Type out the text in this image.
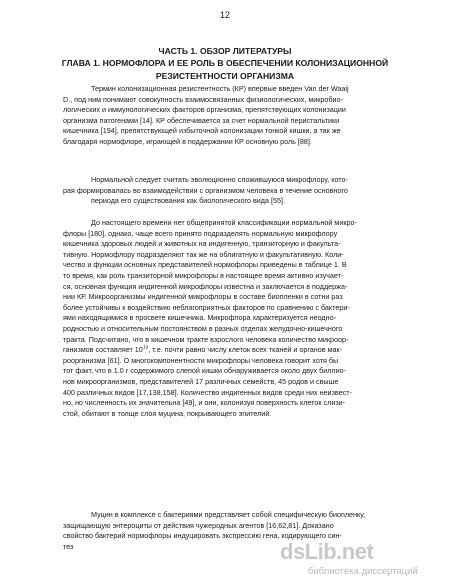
12
ЧАСТЬ 1. ОБЗОР ЛИТЕРАТУРЫ
ГЛАВА 1. НОРМОФЛОРА И ЕЕ РОЛЬ В ОБЕСПЕЧЕНИИ КОЛОНИЗАЦИОННОЙ
РЕЗИСТЕНТНОСТИ ОРГАНИЗМА
Термин колонизационная резистентность (КР) впервые введен Van der Waaij
D., под ним понимают совокупность взаимосвязанных физиологических, микробио-
логических и иммунологических факторов организма, препятствующих колонизации
организма патогенами [14]. КР обеспечивается за счет нормальной перистальтики
кишечника [194], препятствующей избыточной колонизации тонкой кишки, а так же
благодаря нормофлоре, играющей в поддержании КР основную роль [88].
Нормальной следует считать эволюционно сложившуюся микрофлору, кото-
рая формировалась во взаимодействии с организмом человека в течение основного
периода его существования как биологического вида [55].
До настоящего времени нет общепринятой классификации нормальной микро-
флоры [180], однако, чаще всего принято подразделять нормальную микрофлору
кишечника здоровых людей и животных на индигенную, транзиторную и факульта-
тивную. Нормофлору подразделяют так же на облигатную и факультативную. Коли-
чество и функции основных представителей нормофлоры приведены в таблице 1. В
то время, как роль транзиторной микрофлоры в настоящее время активно изучает-
ся, основная функция индигенной микрофлоры известна и заключается в поддержа-
нии КР. Микроорганизмы индигенной микрофлоры в составе биопленки в сотни раз
более устойчивы к воздействию неблагоприятных факторов по сравнению с бактери-
ями находящимися в просвете кишечника. Микрофлора характеризуется неодно-
родностью и относительным постоянством в разных отделах желудочно-кишечного
тракта. Подсчитано, что в кишечном тракте взрослого человека количество микроор-
ганизмов составляет $10^{13}$, т.е. почти равно числу клеток всех тканей и органов мак-
роорганизма [61]. О многокомпонентности микрофлоры человека говорит хотя бы
тот факт, что в 1.0 г содержимого слепой кишки обнаруживается около двух биллио-
нов микроорганизмов, представителей 17 различных семейств, 45 родов и свыше
400 различных видов [17,138,158]. Количество индигенных видов среди них неизвест-
но, но численность их значительна [49], и они, колонизуя поверхность клеток слизи-
стой, обитают в толще слоя муцина, покрывающего эпителий.
Муцин в комплексе с бактериями представляет собой специфическую биопленку,
защищающую энтероциты от действия чужеродных агентов [16,62,81]. Доказано
свойство бактерий нормофлоры индуцировать экспрессию гена, кодирующего син-
тез	dsLib.net
библиотека диссертаций
